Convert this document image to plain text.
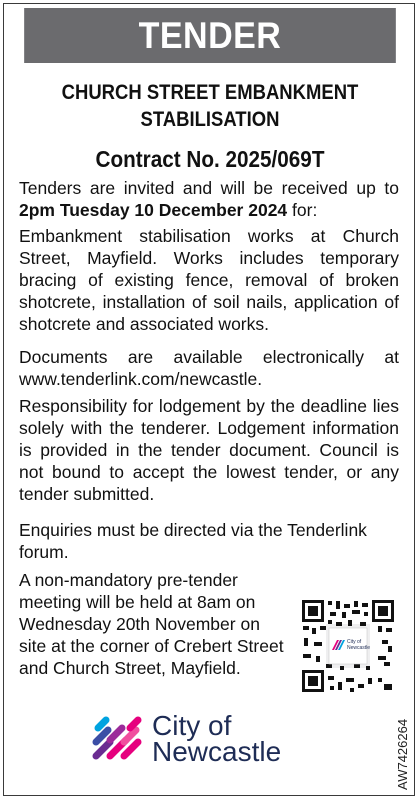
TENDER
CHURCH STREET EMBANKMENT
STABILISATION
Contract No. 2025/069T
Tenders are invited and will be received up to 2pm Tuesday 10 December 2024 for:
Embankment stabilisation works at Church Street, Mayfield. Works includes temporary bracing of existing fence, removal of broken shotcrete, installation of soil nails, application of shotcrete and associated works.
Documents are available electronically at www.tenderlink.com/newcastle.
Responsibility for lodgement by the deadline lies solely with the tenderer. Lodgement information is provided in the tender document. Council is not bound to accept the lowest tender, or any tender submitted.
Enquiries must be directed via the Tenderlink forum.
A non-mandatory pre-tender meeting will be held at 8am on Wednesday 20th November on site at the corner of Crebert Street and Church Street, Mayfield.
City of
Newcastle
City of
Newcastle	AW7426264
